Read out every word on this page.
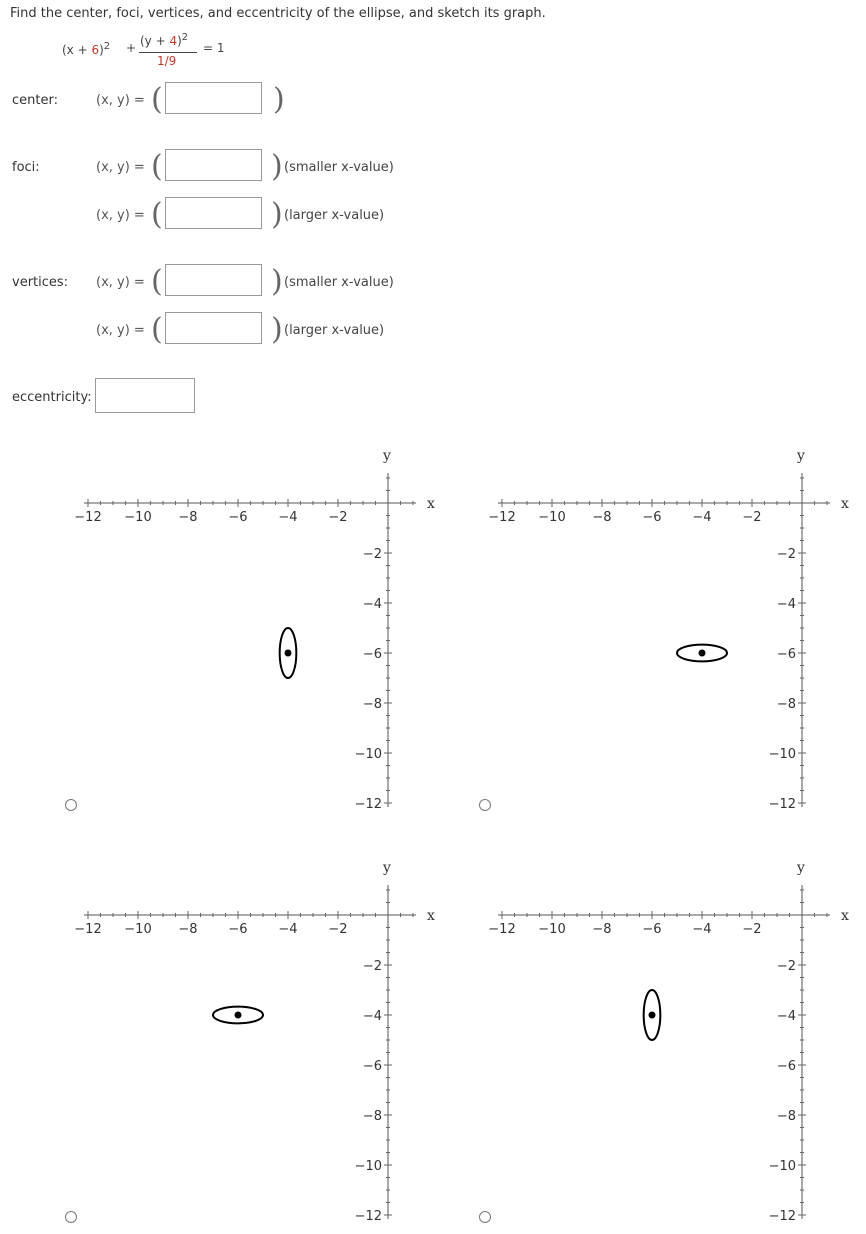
Find the center, foci, vertices, and eccentricity of the ellipse, and sketch its graph.
$(x + 6)^2 + (y + 4)^2$
1/9
= 1
center:	(x, y) = (	)
foci:	(x, y) = (	) (smaller x-value)
(x, y) = (	) (larger x-value)
vertices: (x, y) = (	) (smaller x-value)
(x, y) = (	) (larger x-value)
eccentricity:
−12 −10 −8 −6 −4 −2
−2
−4
−6
−8
−10
−12
x
y
−12 −10 −8 −6 −4 −2
−2
−4
−6
−8
−10
−12
x
y
−12 −10 −8 −6 −4 −2
−2
−4
−6
−8
−10
−12
x
y
−12 −10 −8 −6 −4 −2
−2
−4
−6
−8
−10
−12
x
y
